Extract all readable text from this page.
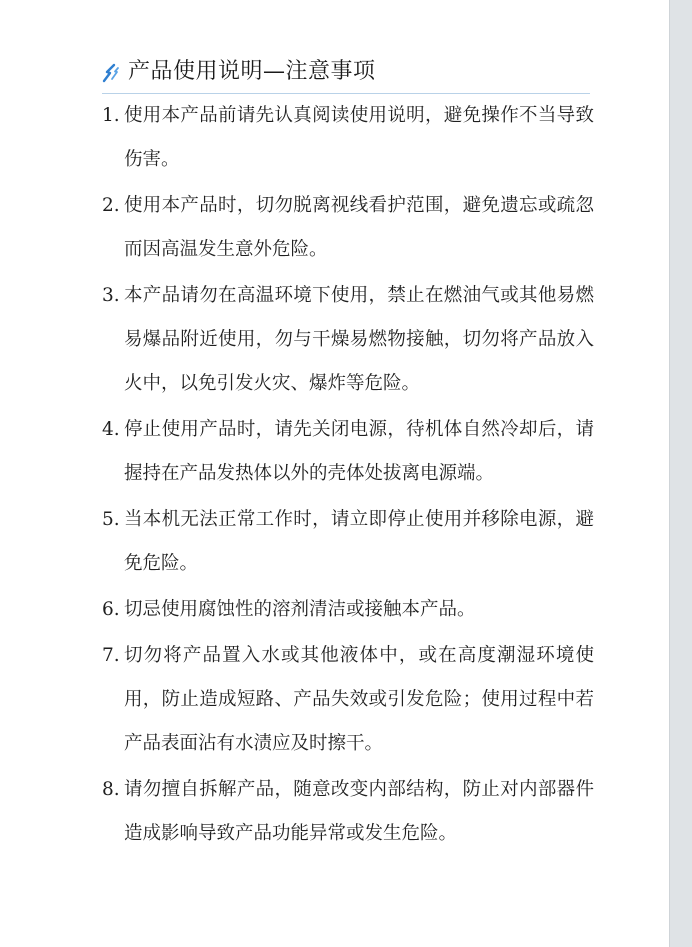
产品使用说明—注意事项
1. 使用本产品前请先认真阅读使用说明，避免操作不当导致伤害。
2. 使用本产品时，切勿脱离视线看护范围，避免遗忘或疏忽而因高温发生意外危险。
3. 本产品请勿在高温环境下使用，禁止在燃油气或其他易燃易爆品附近使用，勿与干燥易燃物接触，切勿将产品放入火中，以免引发火灾、爆炸等危险。
4. 停止使用产品时，请先关闭电源，待机体自然冷却后，请握持在产品发热体以外的壳体处拔离电源端。
5. 当本机无法正常工作时，请立即停止使用并移除电源，避免危险。
6. 切忌使用腐蚀性的溶剂清洁或接触本产品。
7. 切勿将产品置入水或其他液体中，或在高度潮湿环境使用，防止造成短路、产品失效或引发危险；使用过程中若产品表面沾有水渍应及时擦干。
8. 请勿擅自拆解产品，随意改变内部结构，防止对内部器件造成影响导致产品功能异常或发生危险。
